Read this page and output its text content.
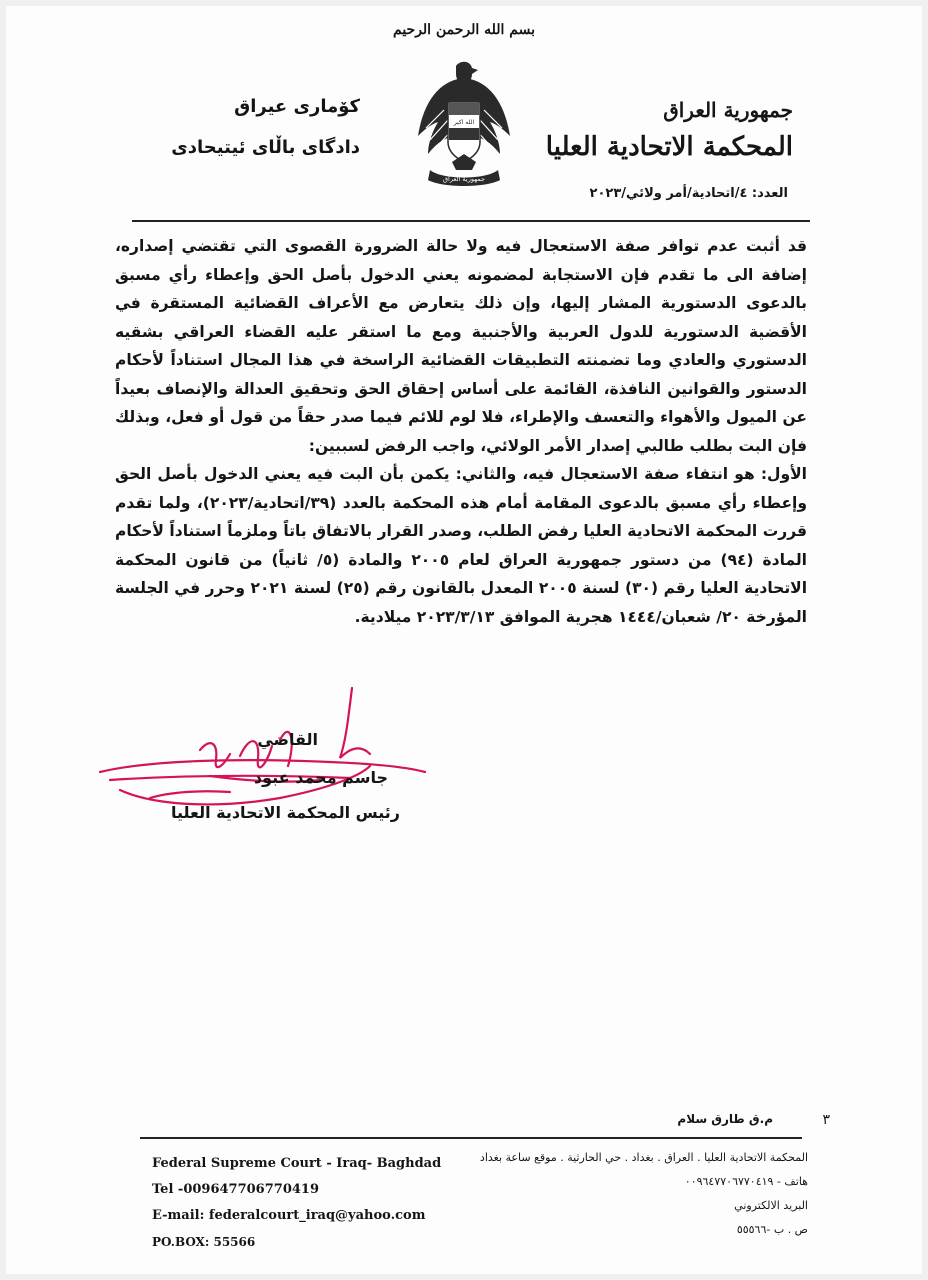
بسم الله الرحمن الرحيم
جمهورية العراق
المحكمة الاتحادية العليا
كۆماری عیراق
دادگای باڵای ئیتیحادی
الله اكبر
جمهورية العراق
العدد: ٤/اتحادية/أمر ولائي/٢٠٢٣

قد أثبت عدم توافر صفة الاستعجال فيه ولا حالة الضرورة القصوى التي تقتضي إصداره، إضافة الى ما تقدم فإن الاستجابة لمضمونه يعني الدخول بأصل الحق وإعطاء رأي مسبق بالدعوى الدستورية المشار إليها، وإن ذلك يتعارض مع الأعراف القضائية المستقرة في الأقضية الدستورية للدول العربية والأجنبية ومع ما استقر عليه القضاء العراقي بشقيه الدستوري والعادي وما تضمنته التطبيقات القضائية الراسخة في هذا المجال استناداً لأحكام الدستور والقوانين النافذة، القائمة على أساس إحقاق الحق وتحقيق العدالة والإنصاف بعيداً عن الميول والأهواء والتعسف والإطراء، فلا لوم للائم فيما صدر حقاً من قول أو فعل، وبذلك فإن البت بطلب طالبي إصدار الأمر الولائي، واجب الرفض لسببين:

الأول: هو انتفاء صفة الاستعجال فيه، والثاني: يكمن بأن البت فيه يعني الدخول بأصل الحق وإعطاء رأي مسبق بالدعوى المقامة أمام هذه المحكمة بالعدد (٣٩/اتحادية/٢٠٢٣)، ولما تقدم قررت المحكمة الاتحادية العليا رفض الطلب، وصدر القرار بالاتفاق باتاً وملزماً استناداً لأحكام المادة (٩٤) من دستور جمهورية العراق لعام ٢٠٠٥ والمادة (٥/ ثانياً) من قانون المحكمة الاتحادية العليا رقم (٣٠) لسنة ٢٠٠٥ المعدل بالقانون رقم (٢٥) لسنة ٢٠٢١ وحرر في الجلسة المؤرخة ٢٠/ شعبان/١٤٤٤ هجرية الموافق ٢٠٢٣/٣/١٣ ميلادية.

القاضي
جاسم محمد عبود
رئيس المحكمة الاتحادية العليا
٣
م.ق طارق سلام
Federal Supreme Court - Iraq- Baghdad
Tel -009647706770419
E-mail: federalcourt_iraq@yahoo.com
PO.BOX: 55566
المحكمة الاتحادية العليا . العراق . بغداد . حي الحارثية . موقع ساعة بغداد
هاتف - ٠٠٩٦٤٧٧٠٦٧٧٠٤١٩
البريد الالكتروني
ص . ب -٥٥٥٦٦
